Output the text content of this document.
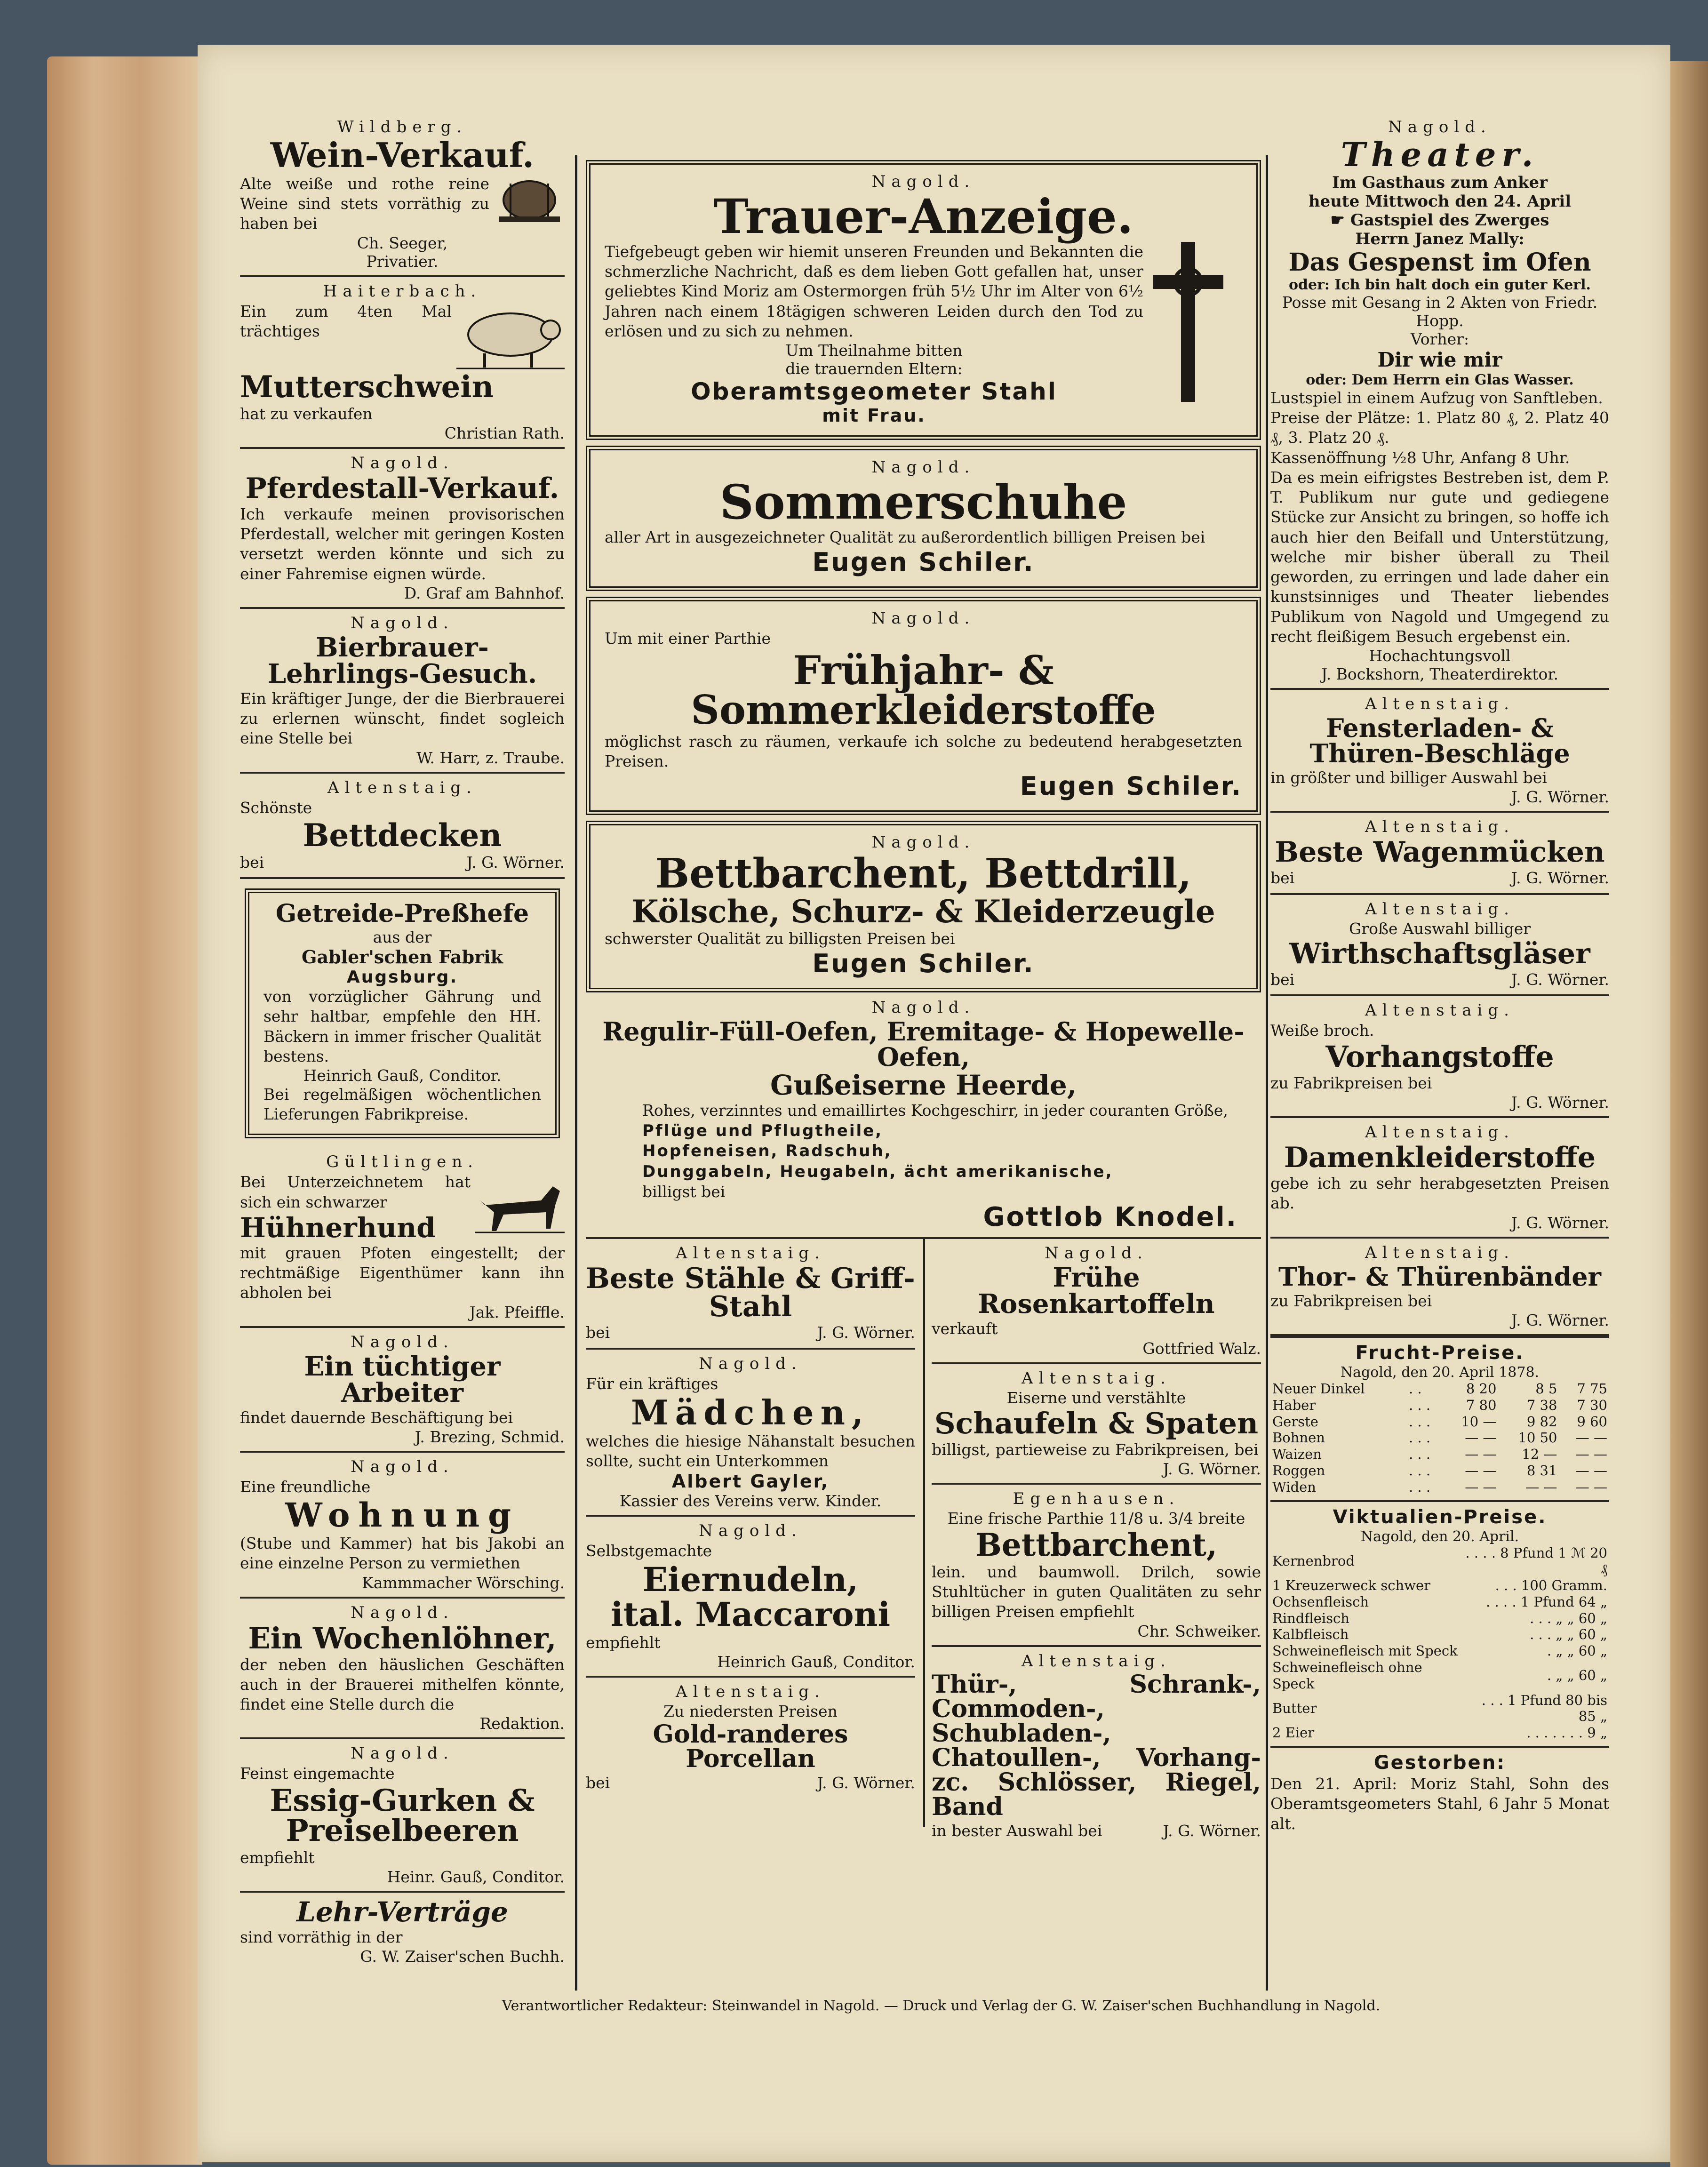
Wildberg.
Wein-Verkauf.
Alte weiße und rothe reine Weine sind stets vorräthig zu haben bei
Ch. Seeger,
Privatier.
Haiterbach.
Ein zum 4ten Mal trächtiges
Mutterschwein
hat zu verkaufen
Christian Rath.
Nagold.
Pferdestall-Verkauf.
Ich verkaufe meinen provisorischen Pferdestall, welcher mit geringen Kosten versetzt werden könnte und sich zu einer Fahremise eignen würde.
D. Graf am Bahnhof.
Nagold.
Bierbrauer-Lehrlings-Gesuch.
Ein kräftiger Junge, der die Bierbrauerei zu erlernen wünscht, findet sogleich eine Stelle bei
W. Harr, z. Traube.
Altenstaig.
Schönste
Bettdecken
bei	J. G. Wörner.
Getreide-Preßhefe
aus der
Gabler'schen Fabrik
Augsburg.
von vorzüglicher Gährung und sehr haltbar, empfehle den HH. Bäckern in immer frischer Qualität bestens.
Heinrich Gauß, Conditor.
Bei regelmäßigen wöchentlichen Lieferungen Fabrikpreise.
Gültlingen.
Bei Unterzeichnetem hat sich ein schwarzer
Hühnerhund
mit grauen Pfoten eingestellt; der rechtmäßige Eigenthümer kann ihn abholen bei
Jak. Pfeiffle.
Nagold.
Ein tüchtiger Arbeiter
findet dauernde Beschäftigung bei
J. Brezing, Schmid.
Nagold.
Eine freundliche
Wohnung
(Stube und Kammer) hat bis Jakobi an eine einzelne Person zu vermiethen
Kammmacher Wörsching.
Nagold.
Ein Wochenlöhner,
der neben den häuslichen Geschäften auch in der Brauerei mithelfen könnte, findet eine Stelle durch die
Redaktion.
Nagold.
Feinst eingemachte
Essig-Gurken & Preiselbeeren
empfiehlt
Heinr. Gauß, Conditor.
Lehr-Verträge
sind vorräthig in der
G. W. Zaiser'schen Buchh.
Nagold.
Trauer-Anzeige.
Tiefgebeugt geben wir hiemit unseren Freunden und Bekannten die schmerzliche Nachricht, daß es dem lieben Gott gefallen hat, unser geliebtes Kind Moriz am Ostermorgen früh 5½ Uhr im Alter von 6½ Jahren nach einem 18tägigen schweren Leiden durch den Tod zu erlösen und zu sich zu nehmen.
Um Theilnahme bitten
die trauernden Eltern:
Oberamtsgeometer Stahl
mit Frau.
Nagold.
Sommerschuhe
aller Art in ausgezeichneter Qualität zu außerordentlich billigen Preisen bei
Eugen Schiler.
Nagold.
Um mit einer Parthie
Frühjahr- & Sommerkleiderstoffe
möglichst rasch zu räumen, verkaufe ich solche zu bedeutend herabgesetzten Preisen.
Eugen Schiler.
Nagold.
Bettbarchent, Bettdrill,
Kölsche, Schurz- & Kleiderzeugle
schwerster Qualität zu billigsten Preisen bei
Eugen Schiler.
Nagold.
Regulir-Füll-Oefen, Eremitage- & Hopewelle-Oefen,
Gußeiserne Heerde,
Rohes, verzinntes und emaillirtes Kochgeschirr, in jeder couranten Größe,
Pflüge und Pflugtheile,
Hopfeneisen, Radschuh,
Dunggabeln, Heugabeln, ächt amerikanische,
billigst bei
Gottlob Knodel.
Altenstaig.
Beste Stähle & Griff-Stahl
bei	J. G. Wörner.
Nagold.
Für ein kräftiges
Mädchen,
welches die hiesige Nähanstalt besuchen sollte, sucht ein Unterkommen
Albert Gayler,
Kassier des Vereins verw. Kinder.
Nagold.
Selbstgemachte
Eiernudeln,
ital. Maccaroni
empfiehlt
Heinrich Gauß, Conditor.
Altenstaig.
Zu niedersten Preisen
Gold-randeres Porcellan
bei	J. G. Wörner.
Nagold.
Frühe Rosenkartoffeln
verkauft
Gottfried Walz.
Altenstaig.
Eiserne und verstählte
Schaufeln & Spaten
billigst, partieweise zu Fabrikpreisen, bei
J. G. Wörner.
Egenhausen.
Eine frische Parthie 11/8 u. 3/4 breite
Bettbarchent,
lein. und baumwoll. Drilch, sowie Stuhltücher in guten Qualitäten zu sehr billigen Preisen empfiehlt
Chr. Schweiker.
Altenstaig.
Thür-, Schrank-, Commoden-, Schubladen-, Chatoullen-, Vorhang- zc. Schlösser, Riegel, Band
in bester Auswahl bei	J. G. Wörner.
Nagold.
Theater.
Im Gasthaus zum Anker
heute Mittwoch den 24. April
☛ Gastspiel des Zwerges
Herrn Janez Mally:
Das Gespenst im Ofen
oder: Ich bin halt doch ein guter Kerl.
Posse mit Gesang in 2 Akten von Friedr. Hopp.
Vorher:
Dir wie mir
oder: Dem Herrn ein Glas Wasser.
Lustspiel in einem Aufzug von Sanftleben.
Preise der Plätze: 1. Platz 80 ₰, 2. Platz 40 ₰, 3. Platz 20 ₰.
Kassenöffnung ½8 Uhr, Anfang 8 Uhr.
Da es mein eifrigstes Bestreben ist, dem P. T. Publikum nur gute und gediegene Stücke zur Ansicht zu bringen, so hoffe ich auch hier den Beifall und Unterstützung, welche mir bisher überall zu Theil geworden, zu erringen und lade daher ein kunstsinniges und Theater liebendes Publikum von Nagold und Umgegend zu recht fleißigem Besuch ergebenst ein.
Hochachtungsvoll
J. Bockshorn, Theaterdirektor.
Altenstaig.
Fensterladen- & Thüren-Beschläge
in größter und billiger Auswahl bei
J. G. Wörner.
Altenstaig.
Beste Wagenmücken
bei	J. G. Wörner.
Altenstaig.
Große Auswahl billiger
Wirthschaftsgläser
bei	J. G. Wörner.
Altenstaig.
Weiße broch.
Vorhangstoffe
zu Fabrikpreisen bei
J. G. Wörner.
Altenstaig.
Damenkleiderstoffe
gebe ich zu sehr herabgesetzten Preisen ab.
J. G. Wörner.
Altenstaig.
Thor- & Thürenbänder
zu Fabrikpreisen bei
J. G. Wörner.
Frucht-Preise.
Nagold, den 20. April 1878.
Neuer Dinkel	. .	8 20	8 5	7 75
Haber	. . .	7 80	7 38	7 30
Gerste	. . .	10 —	9 82	9 60
Bohnen	. . .	— —	10 50	— —
Waizen	. . .	— —	12 —	— —
Roggen	. . .	— —	8 31	— —
Widen	. . .	— —	— —	— —
Viktualien-Preise.
Nagold, den 20. April.
Kernenbrod	. . . . 8 Pfund 1 ℳ 20 ₰
1 Kreuzerweck schwer	. . . 100 Gramm.
Ochsenfleisch	. . . . 1 Pfund 64 „
Rindfleisch	. . . „ „ 60 „
Kalbfleisch	. . . „ „ 60 „
Schweinefleisch mit Speck	. „ „ 60 „
Schweinefleisch ohne Speck	. „ „ 60 „
Butter	. . . 1 Pfund 80 bis 85 „
2 Eier	. . . . . . . 9 „
Gestorben:
Den 21. April: Moriz Stahl, Sohn des Oberamtsgeometers Stahl, 6 Jahr 5 Monat alt.
Verantwortlicher Redakteur: Steinwandel in Nagold. — Druck und Verlag der G. W. Zaiser'schen Buchhandlung in Nagold.
